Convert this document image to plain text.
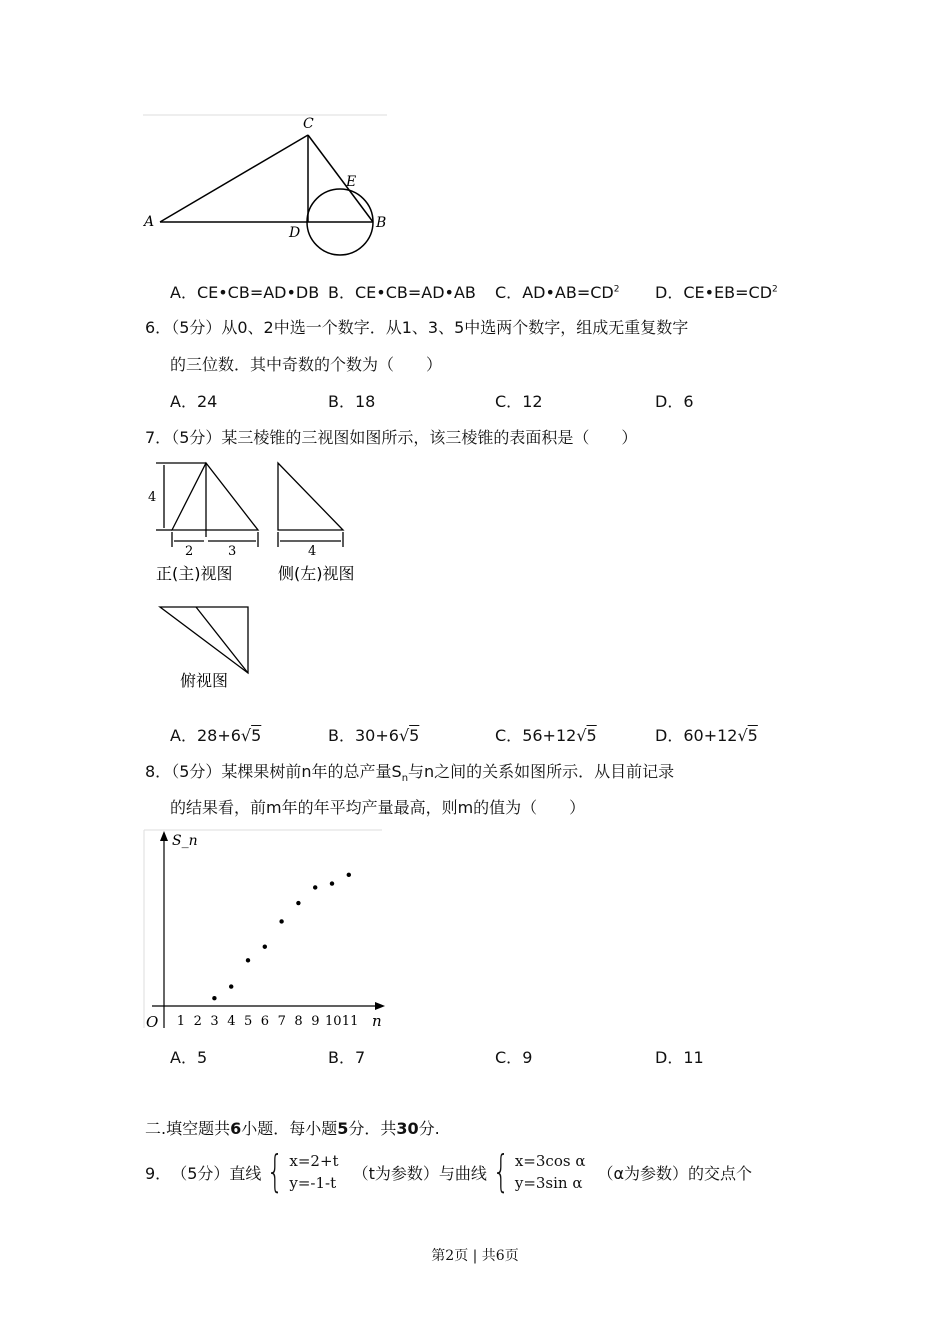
A	B
C
D
E
A．CE•CB=AD•DB B．CE•CB=AD•AB C．$AD•AB=CD^2$ D．$CE•EB=CD^2$
6．（5分）从0、2中选一个数字．从1、3、5中选两个数字，组成无重复数字
的三位数．其中奇数的个数为（　　）
A．24	B．18	C．12	D．6
7．（5分）某三棱锥的三视图如图所示，该三棱锥的表面积是（　　）
4
2	3	4
正(主)视图	侧(左)视图
俯视图
A．28+6√5	B．30+6√5	C．56+12√5	D．60+12√5
8．（5分）某棵果树前n年的总产量$S_n$与n之间的关系如图所示．从目前记录
的结果看，前m年的年平均产量最高，则m的值为（　　）
S_n
O	n
1 2 3 4 5 6 7 8 9 10 11
A．5	B．7	C．9	D．11
二.填空题共6小题．每小题5分．共30分.
9． （5分） 直线 { x=2+t
y=-1-t
（t为参数）与曲线 { x=3cos α
y=3sin α
（α为参数）的交点个
第2页 | 共6页
